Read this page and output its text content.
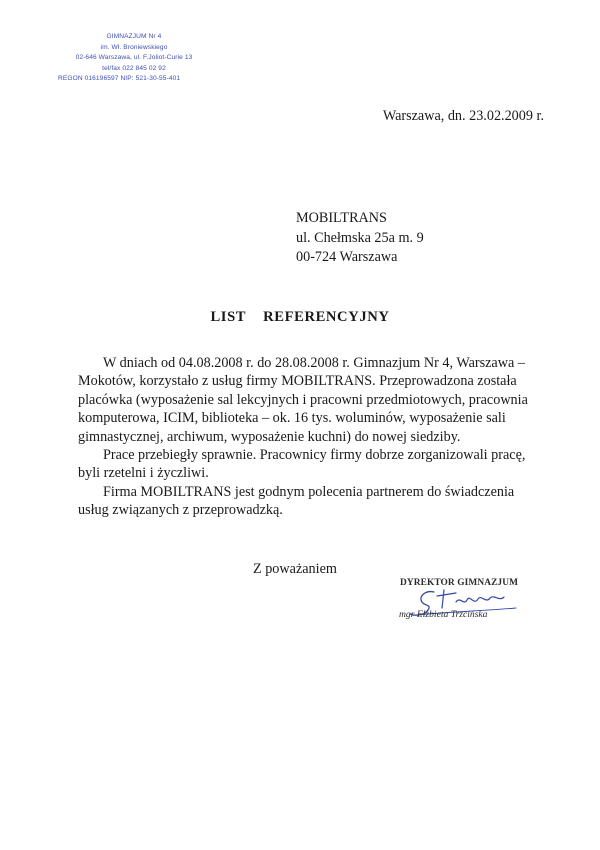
GIMNAZJUM Nr 4
im. Wł. Broniewskiego
02-646 Warszawa, ul. F.Joliot-Curie 13
tel/fax 022 845 02 92
REGON 016196597 NIP: 521-30-55-401
Warszawa, dn. 23.02.2009 r.
MOBILTRANS
ul. Chełmska 25a m. 9
00-724 Warszawa
LIST REFERENCYJNY

W dniach od 04.08.2008 r. do 28.08.2008 r. Gimnazjum Nr 4, Warszawa – Mokotów, korzystało z usług firmy MOBILTRANS. Przeprowadzona została placówka (wyposażenie sal lekcyjnych i pracowni przedmiotowych, pracownia komputerowa, ICIM, biblioteka – ok. 16 tys. woluminów, wyposażenie sali gimnastycznej, archiwum, wyposażenie kuchni) do nowej siedziby.

Prace przebiegły sprawnie. Pracownicy firmy dobrze zorganizowali pracę, byli rzetelni i życzliwi.

Firma MOBILTRANS jest godnym polecenia partnerem do świadczenia usług związanych z przeprowadzką.

Z poważaniem
DYREKTOR GIMNAZJUM
mgr Elżbieta Trzcińska
